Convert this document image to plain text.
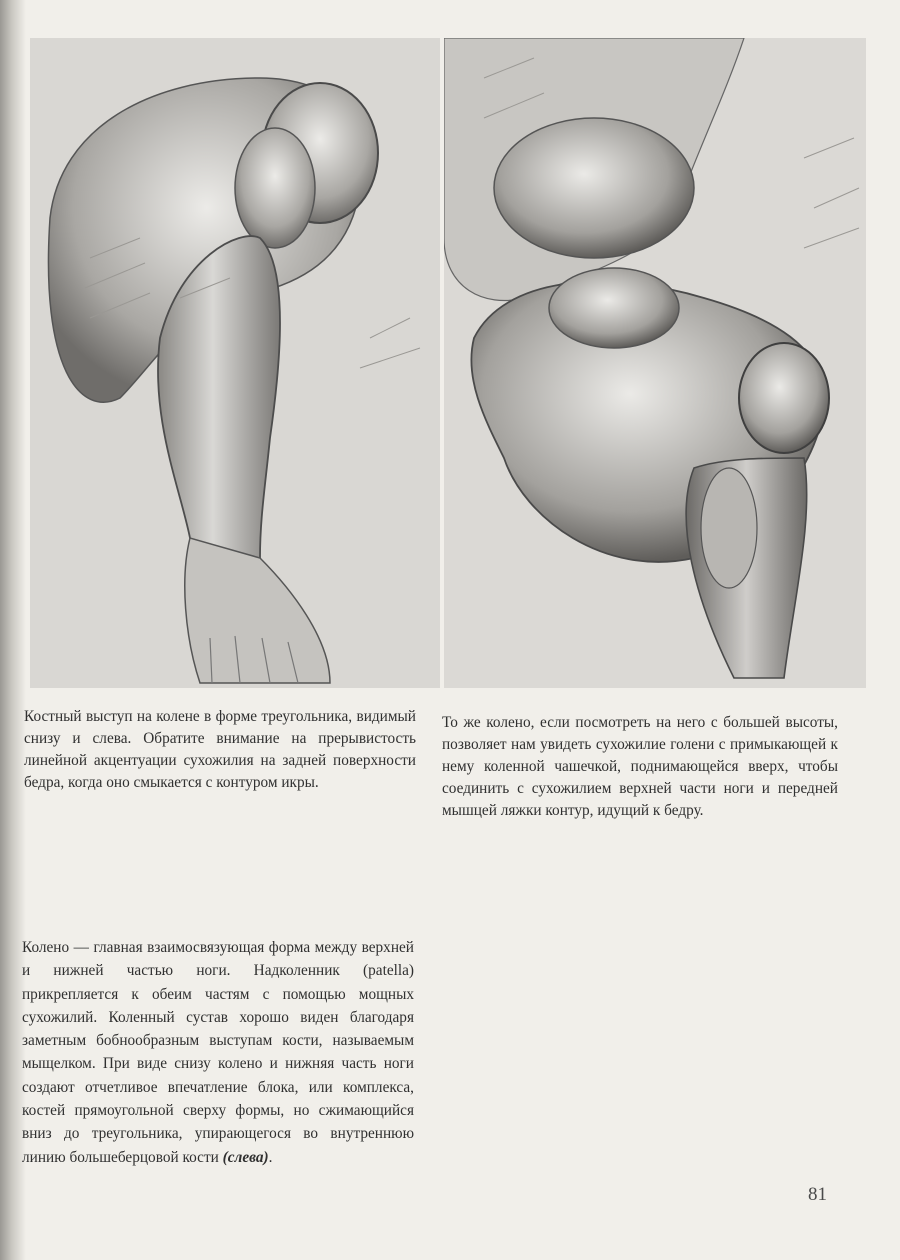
Костный выступ на колене в форме треугольника, видимый снизу и слева. Обратите внимание на прерывистость линейной акцентуации сухожилия на задней поверхности бедра, когда оно смыкается с контуром икры.
То же колено, если посмотреть на него с большей высоты, позволяет нам увидеть сухожилие голени с примыкающей к нему коленной чашечкой, поднимающейся вверх, чтобы соединить с сухожилием верхней части ноги и передней мышцей ляжки контур, идущий к бедру.
Колено — главная взаимосвязующая форма между верхней и нижней частью ноги. Надколенник (patella) прикрепляется к обеим частям с помощью мощных сухожилий. Коленный сустав хорошо виден благодаря заметным бобнообразным выступам кости, называемым мыщелком. При виде снизу колено и нижняя часть ноги создают отчетливое впечатление блока, или комплекса, костей прямоугольной сверху формы, но сжимающийся вниз до треугольника, упирающегося во внутреннюю линию большеберцовой кости (слева).
81
